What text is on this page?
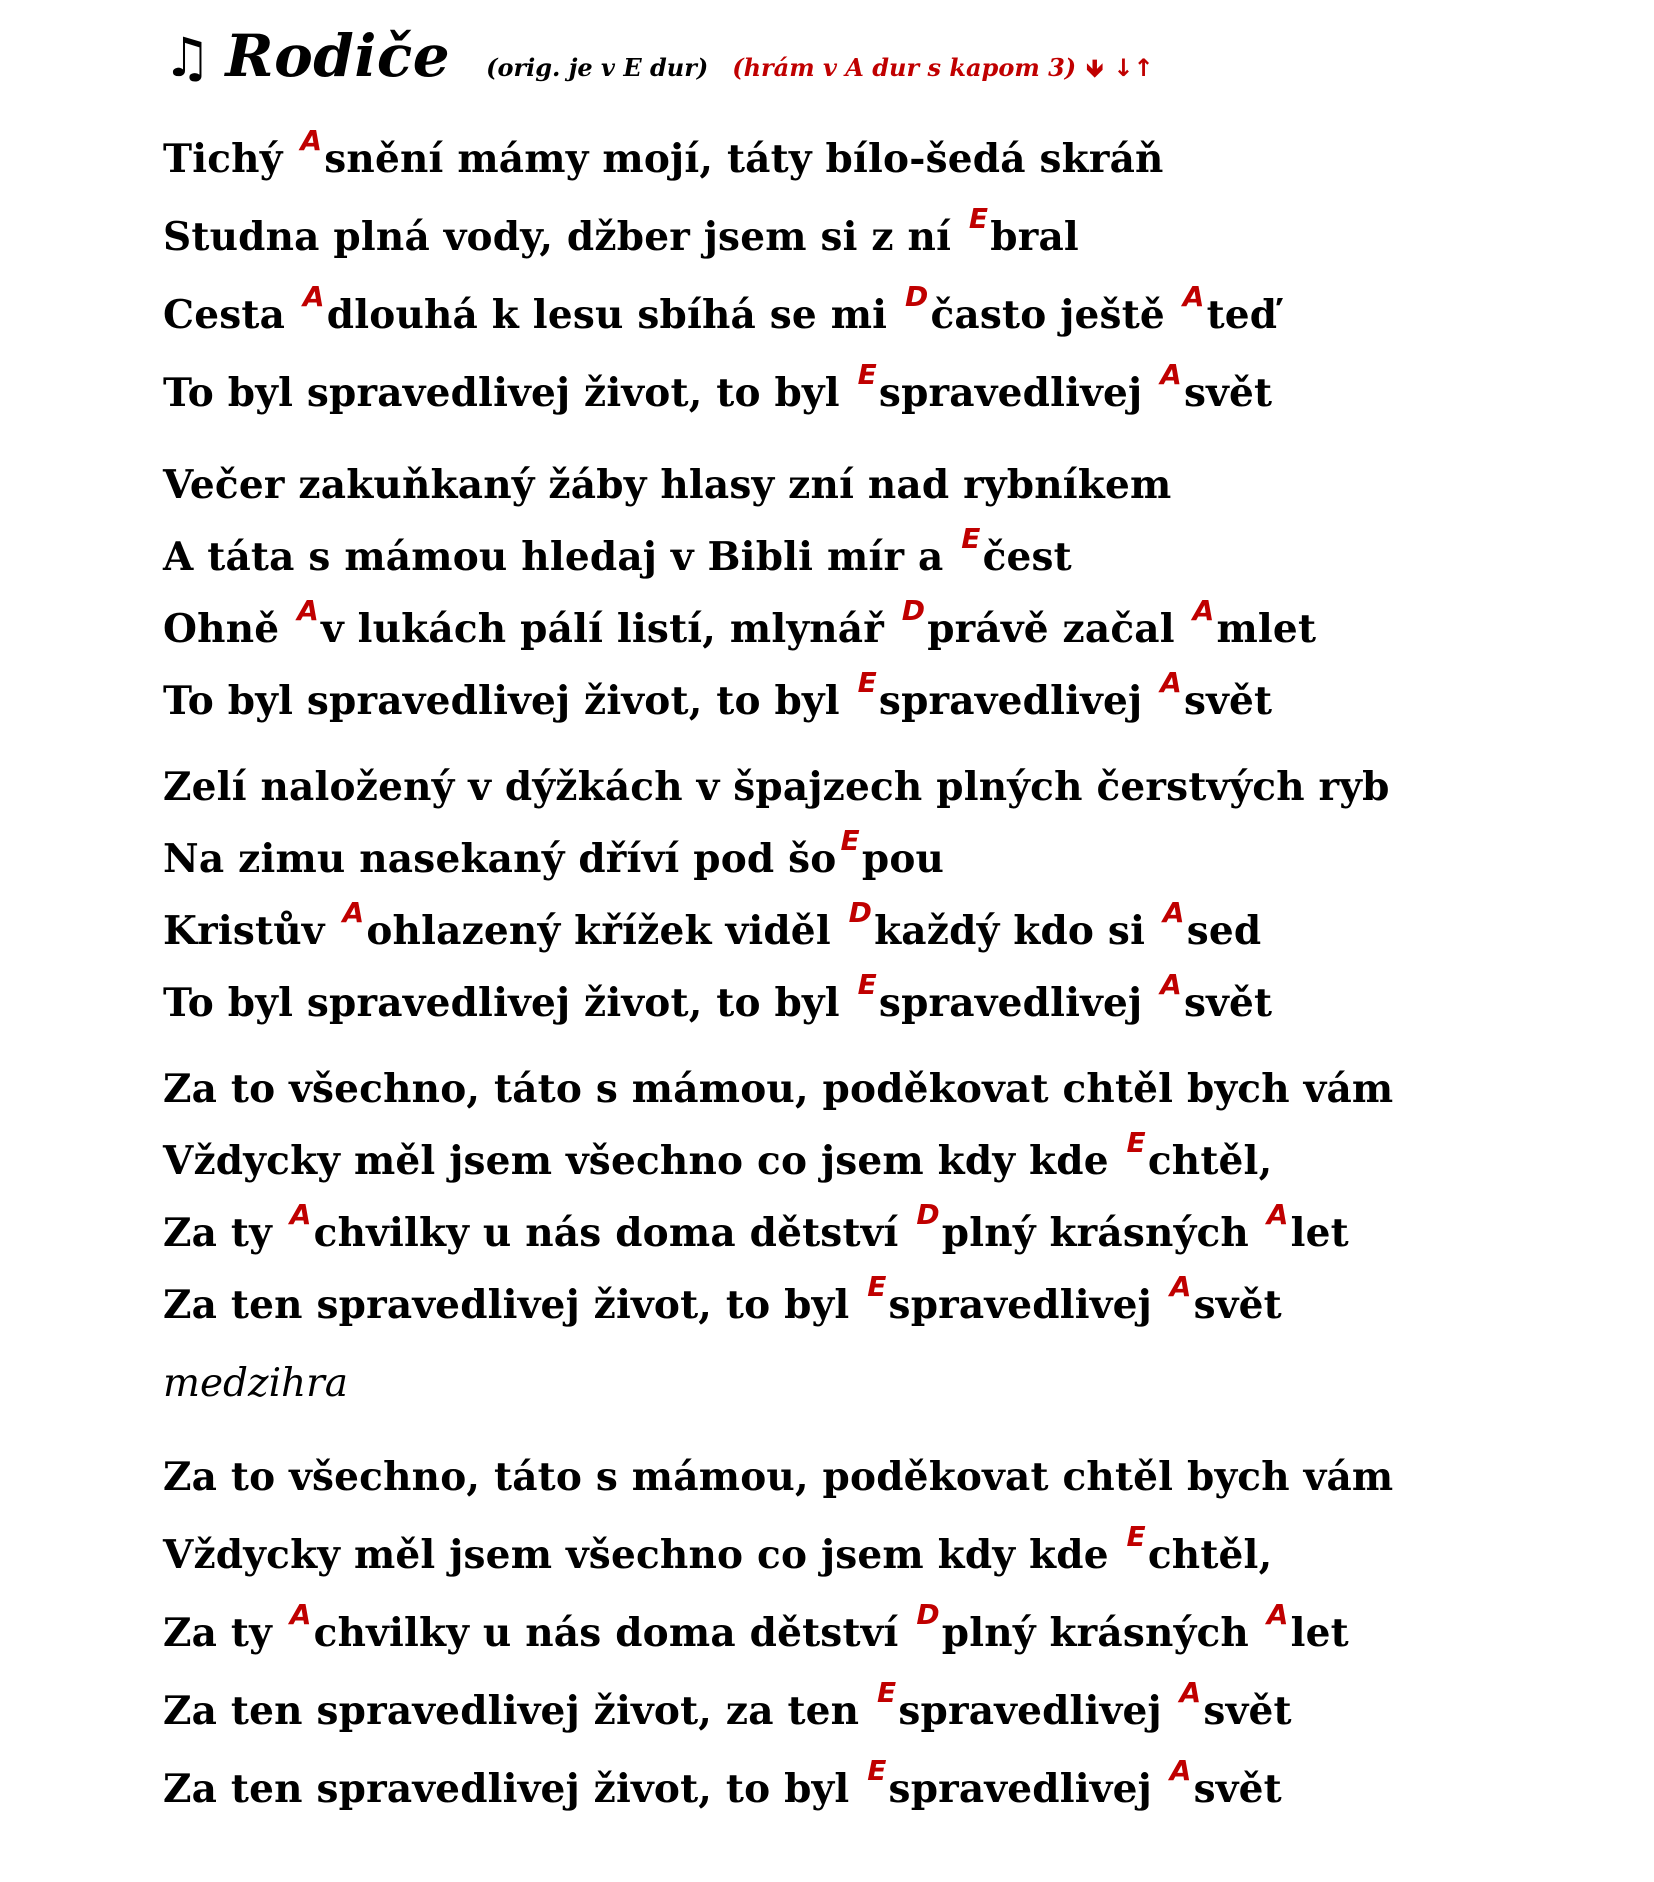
♫ Rodiče (orig. je v E dur) (hrám v A dur s kapom 3) 🡻 ↓↑
Tichý Asnění mámy mojí, táty bílo-šedá skráň
Studna plná vody, džber jsem si z ní Ebral
Cesta Adlouhá k lesu sbíhá se mi Dčasto ještě Ateď
To byl spravedlivej život, to byl Espravedlivej Asvět
Večer zakuňkaný žáby hlasy zní nad rybníkem
A táta s mámou hledaj v Bibli mír a Ečest
Ohně Av lukách pálí listí, mlynář Dprávě začal Amlet
To byl spravedlivej život, to byl Espravedlivej Asvět
Zelí naložený v dýžkách v špajzech plných čerstvých ryb
Na zimu nasekaný dříví pod šo Epou
Kristův Aohlazený křížek viděl Dkaždý kdo si Ased
To byl spravedlivej život, to byl Espravedlivej Asvět
Za to všechno, táto s mámou, poděkovat chtěl bych vám
Vždycky měl jsem všechno co jsem kdy kde Echtěl,
Za ty Achvilky u nás doma dětství Dplný krásných Alet
Za ten spravedlivej život, to byl Espravedlivej Asvět
medzihra
Za to všechno, táto s mámou, poděkovat chtěl bych vám
Vždycky měl jsem všechno co jsem kdy kde Echtěl,
Za ty Achvilky u nás doma dětství Dplný krásných Alet
Za ten spravedlivej život, za ten Espravedlivej Asvět
Za ten spravedlivej život, to byl Espravedlivej Asvět
